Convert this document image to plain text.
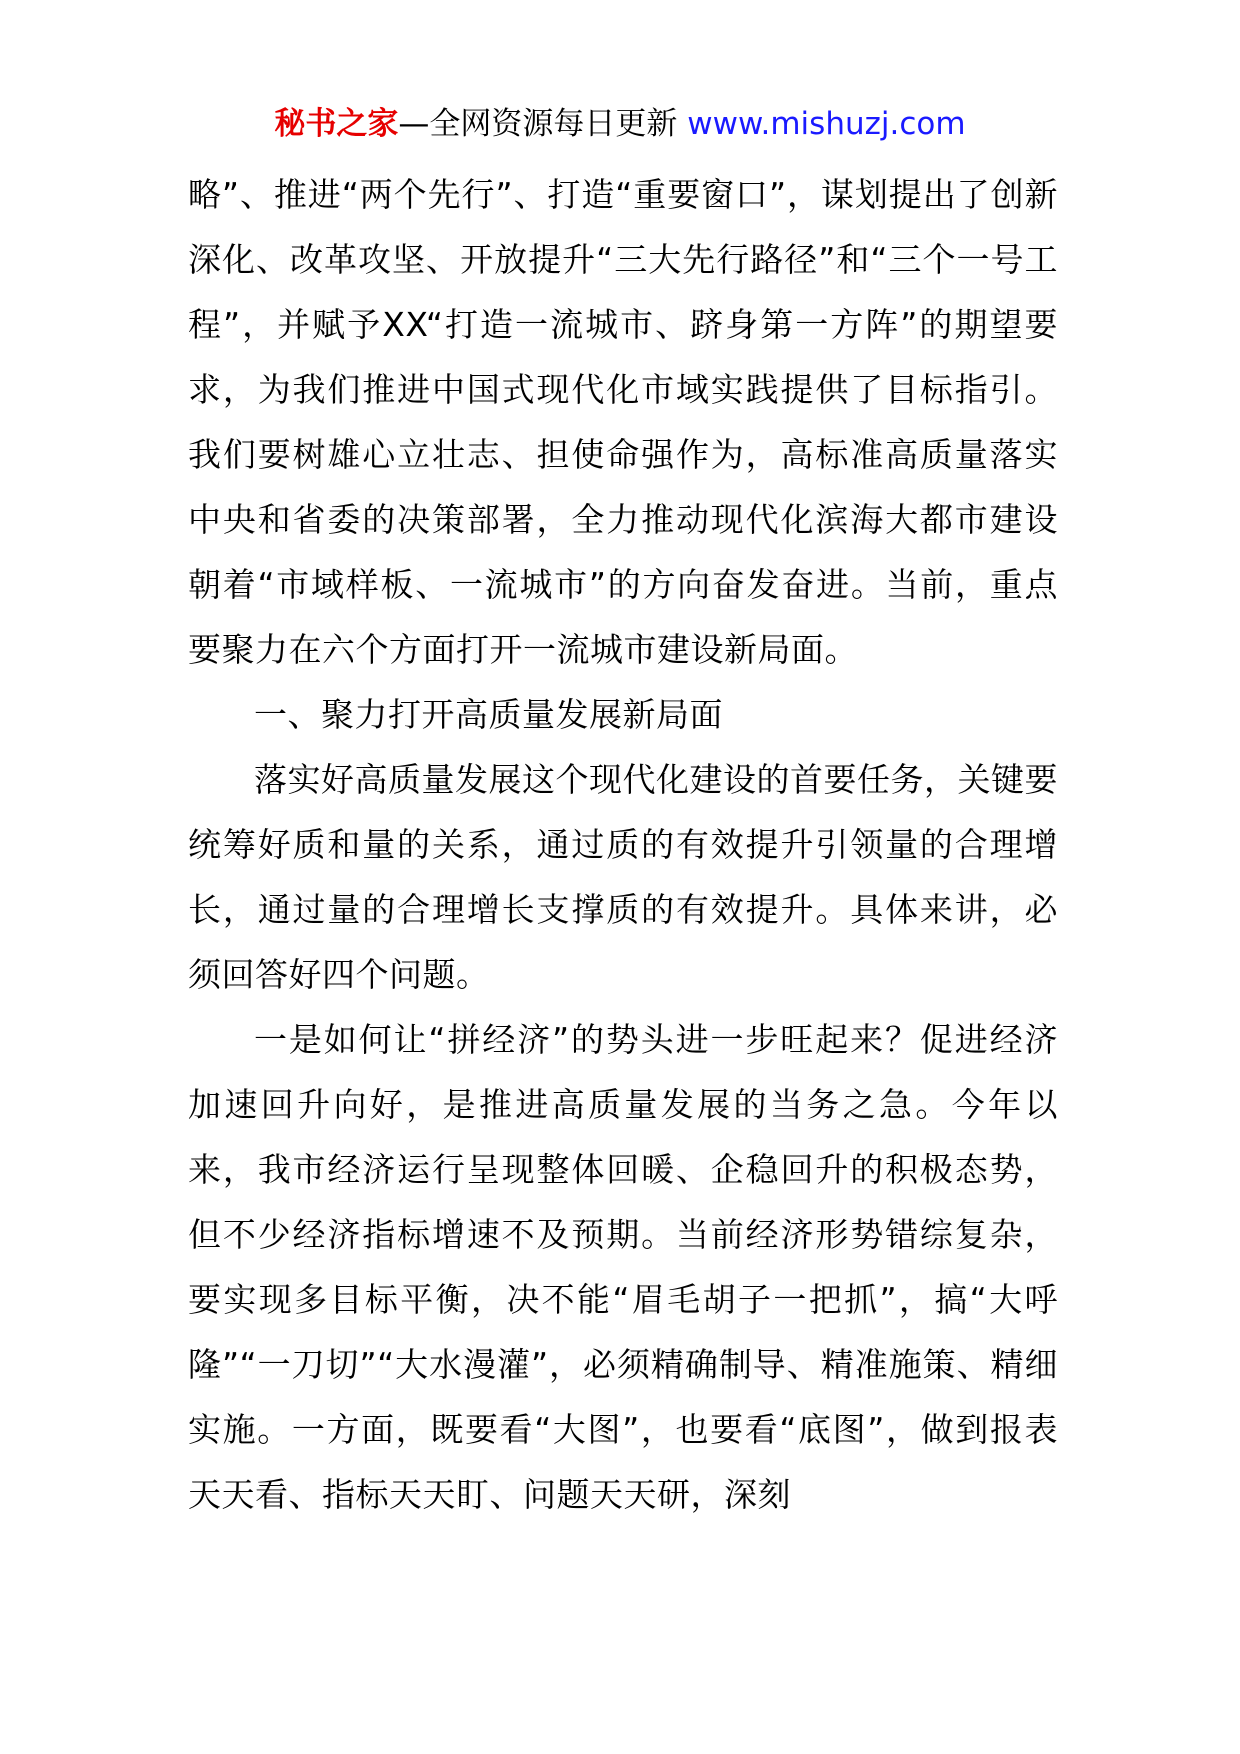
秘书之家—全网资源每日更新 www.mishuzj.com

略”、推进“两个先行”、打造“重要窗口”，谋划提出了创新深化、改革攻坚、开放提升“三大先行路径”和“三个一号工程”，并赋予XX“打造一流城市、跻身第一方阵”的期望要求，为我们推进中国式现代化市域实践提供了目标指引。我们要树雄心立壮志、担使命强作为，高标准高质量落实中央和省委的决策部署，全力推动现代化滨海大都市建设朝着“市域样板、一流城市”的方向奋发奋进。当前，重点要聚力在六个方面打开一流城市建设新局面。

一、聚力打开高质量发展新局面

落实好高质量发展这个现代化建设的首要任务，关键要统筹好质和量的关系，通过质的有效提升引领量的合理增长，通过量的合理增长支撑质的有效提升。具体来讲，必须回答好四个问题。

一是如何让“拼经济”的势头进一步旺起来？促进经济加速回升向好，是推进高质量发展的当务之急。今年以来，我市经济运行呈现整体回暖、企稳回升的积极态势，但不少经济指标增速不及预期。当前经济形势错综复杂，要实现多目标平衡，决不能“眉毛胡子一把抓”，搞“大呼隆”“一刀切”“大水漫灌”，必须精确制导、精准施策、精细实施。一方面，既要看“大图”，也要看“底图”，做到报表天天看、指标天天盯、问题天天研，深刻
